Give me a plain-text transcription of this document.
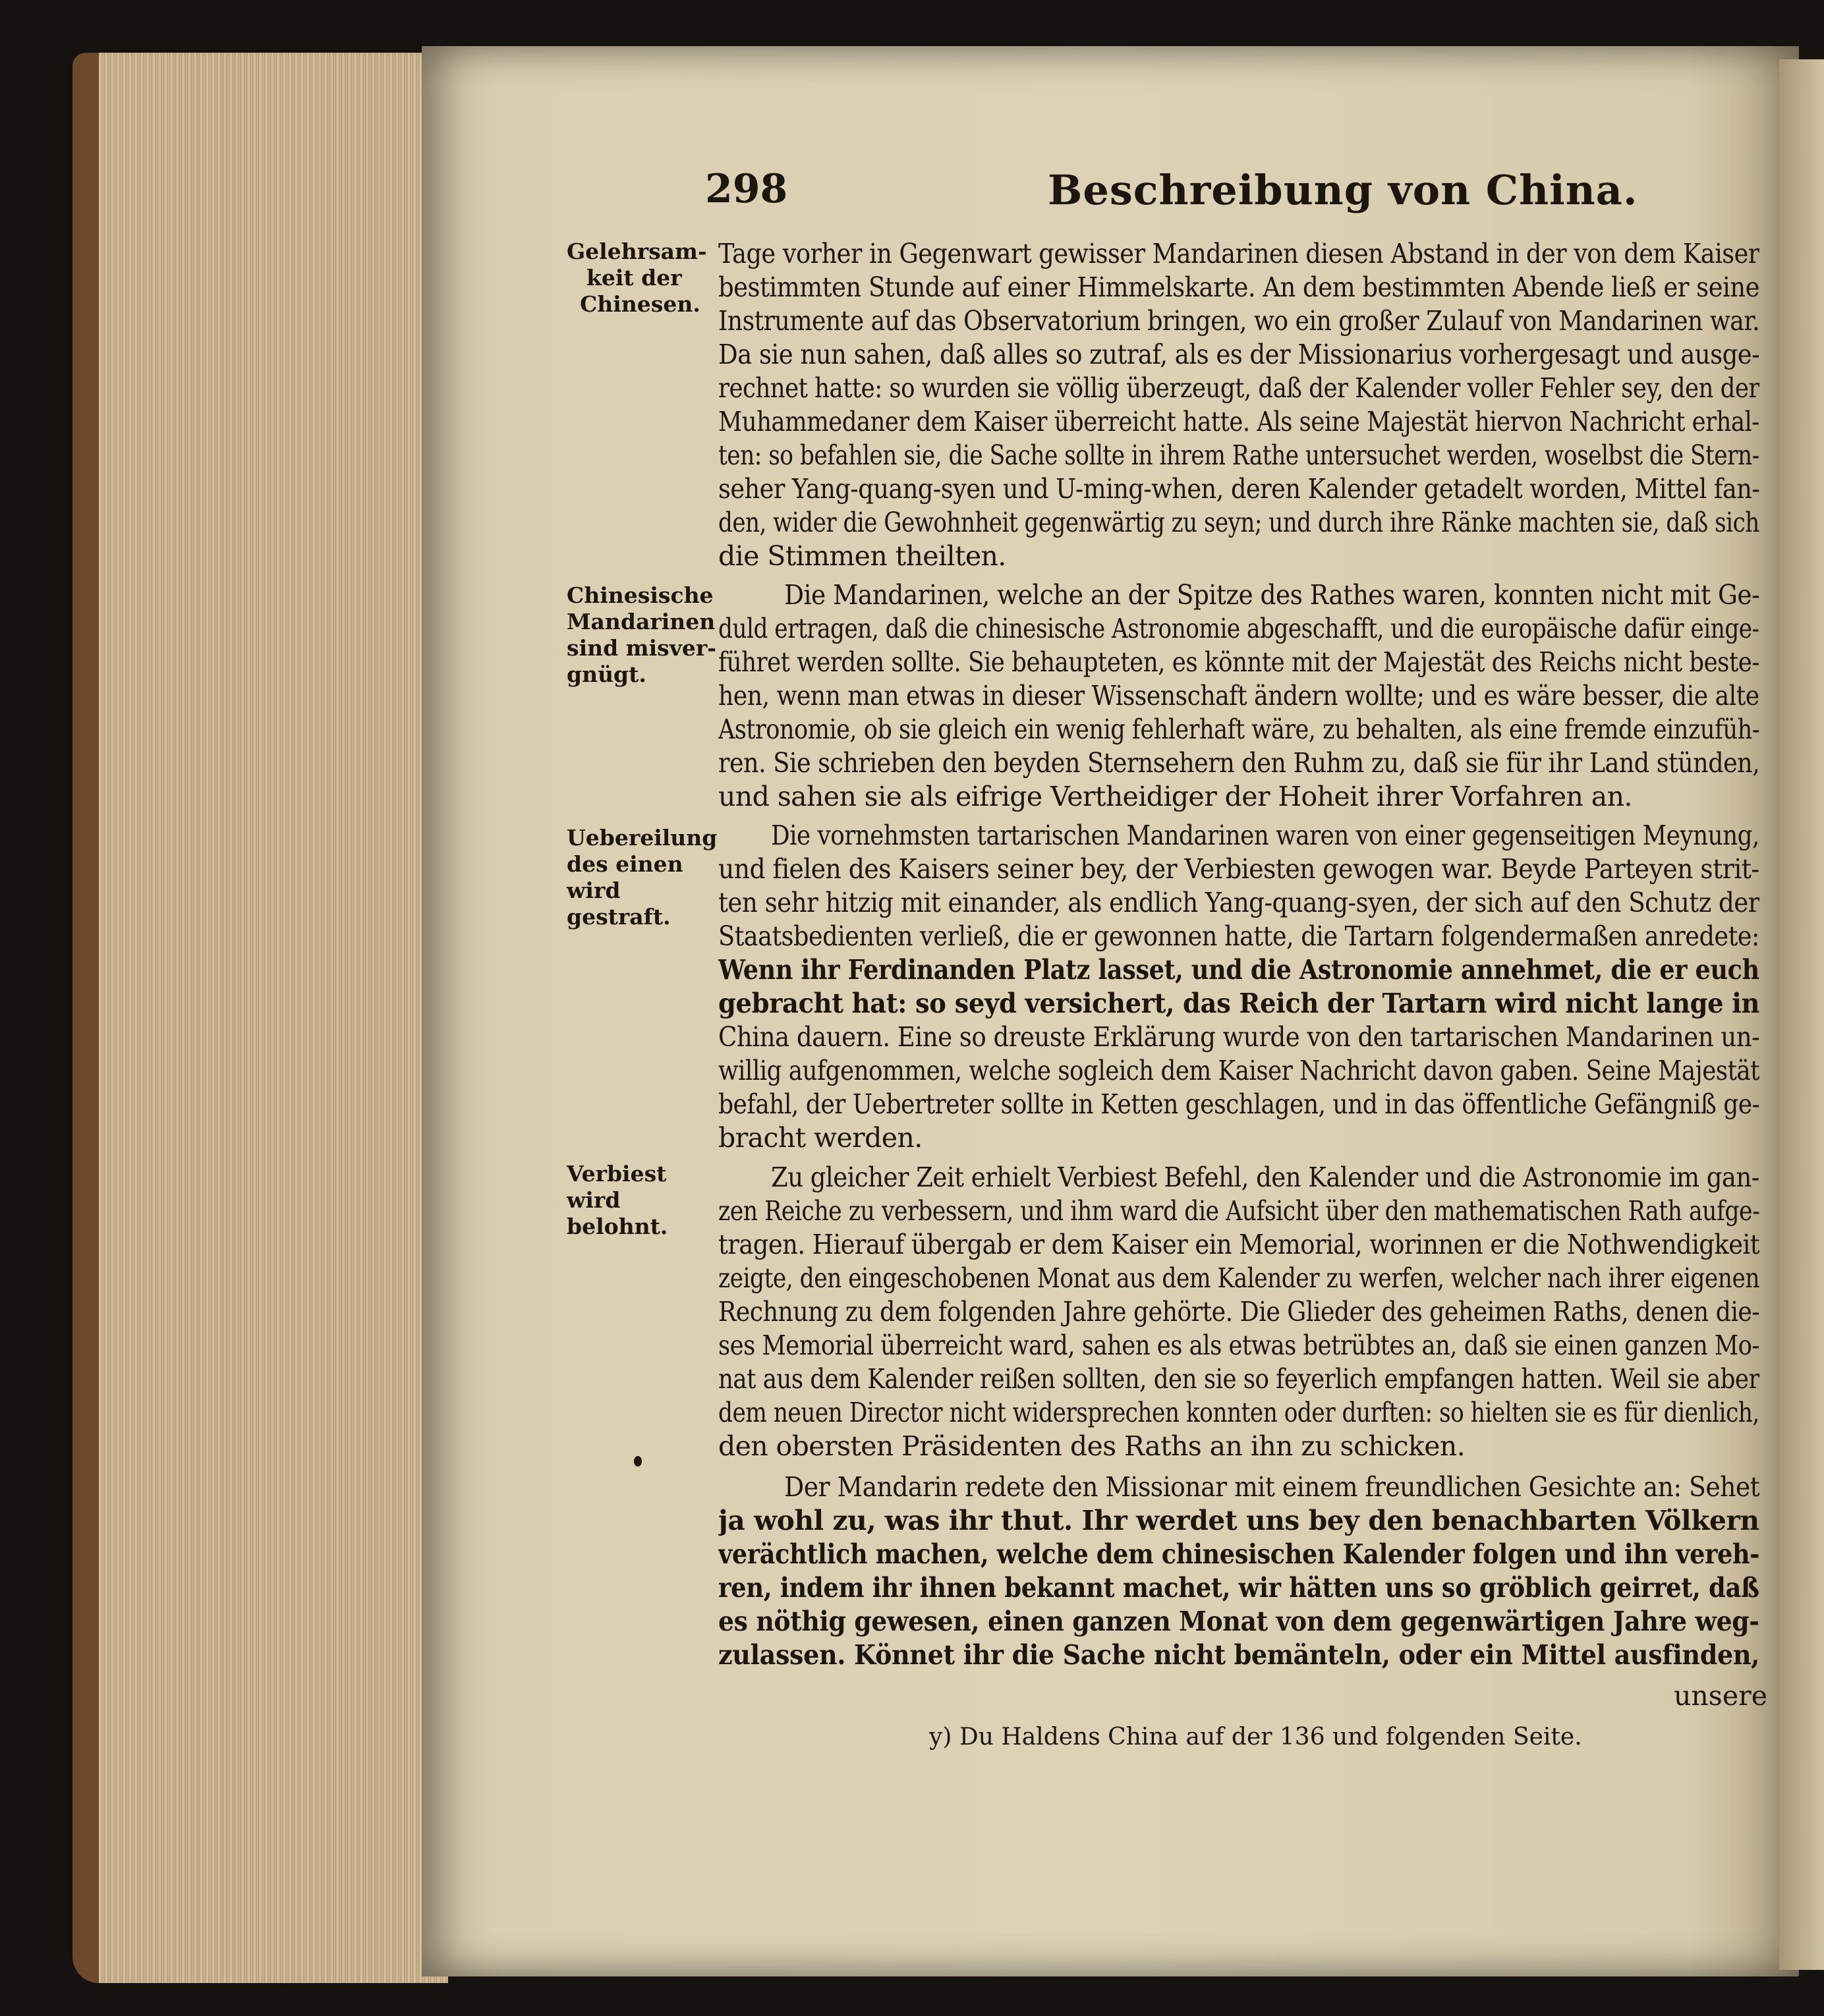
298	Beschreibung von China.
Gelehrsam-
keit der
Chinesen.
Chinesische
Mandarinen
sind misver-
gnügt.
Uebereilung
des einen
wird gestraft.
Verbiest wird
belohnt.
Tage vorher in Gegenwart gewisser Mandarinen diesen Abstand in der von dem Kaiser
bestimmten Stunde auf einer Himmelskarte. An dem bestimmten Abende ließ er seine
Instrumente auf das Observatorium bringen, wo ein großer Zulauf von Mandarinen war.
Da sie nun sahen, daß alles so zutraf, als es der Missionarius vorhergesagt und ausge-
rechnet hatte: so wurden sie völlig überzeugt, daß der Kalender voller Fehler sey, den der
Muhammedaner dem Kaiser überreicht hatte. Als seine Majestät hiervon Nachricht erhal-
ten: so befahlen sie, die Sache sollte in ihrem Rathe untersuchet werden, woselbst die Stern-
seher Yang-quang-syen und U-ming-when, deren Kalender getadelt worden, Mittel fan-
den, wider die Gewohnheit gegenwärtig zu seyn; und durch ihre Ränke machten sie, daß sich
die Stimmen theilten.
Die Mandarinen, welche an der Spitze des Rathes waren, konnten nicht mit Ge-
duld ertragen, daß die chinesische Astronomie abgeschafft, und die europäische dafür einge-
führet werden sollte. Sie behaupteten, es könnte mit der Majestät des Reichs nicht beste-
hen, wenn man etwas in dieser Wissenschaft ändern wollte; und es wäre besser, die alte
Astronomie, ob sie gleich ein wenig fehlerhaft wäre, zu behalten, als eine fremde einzufüh-
ren. Sie schrieben den beyden Sternsehern den Ruhm zu, daß sie für ihr Land stünden,
und sahen sie als eifrige Vertheidiger der Hoheit ihrer Vorfahren an.
Die vornehmsten tartarischen Mandarinen waren von einer gegenseitigen Meynung,
und fielen des Kaisers seiner bey, der Verbiesten gewogen war. Beyde Parteyen strit-
ten sehr hitzig mit einander, als endlich Yang-quang-syen, der sich auf den Schutz der
Staatsbedienten verließ, die er gewonnen hatte, die Tartarn folgendermaßen anredete:
Wenn ihr Ferdinanden Platz lasset, und die Astronomie annehmet, die er euch
gebracht hat: so seyd versichert, das Reich der Tartarn wird nicht lange in
China dauern. Eine so dreuste Erklärung wurde von den tartarischen Mandarinen un-
willig aufgenommen, welche sogleich dem Kaiser Nachricht davon gaben. Seine Majestät
befahl, der Uebertreter sollte in Ketten geschlagen, und in das öffentliche Gefängniß ge-
bracht werden.
Zu gleicher Zeit erhielt Verbiest Befehl, den Kalender und die Astronomie im gan-
zen Reiche zu verbessern, und ihm ward die Aufsicht über den mathematischen Rath aufge-
tragen. Hierauf übergab er dem Kaiser ein Memorial, worinnen er die Nothwendigkeit
zeigte, den eingeschobenen Monat aus dem Kalender zu werfen, welcher nach ihrer eigenen
Rechnung zu dem folgenden Jahre gehörte. Die Glieder des geheimen Raths, denen die-
ses Memorial überreicht ward, sahen es als etwas betrübtes an, daß sie einen ganzen Mo-
nat aus dem Kalender reißen sollten, den sie so feyerlich empfangen hatten. Weil sie aber
dem neuen Director nicht widersprechen konnten oder durften: so hielten sie es für dienlich,
den obersten Präsidenten des Raths an ihn zu schicken.
Der Mandarin redete den Missionar mit einem freundlichen Gesichte an: Sehet
ja wohl zu, was ihr thut. Ihr werdet uns bey den benachbarten Völkern
verächtlich machen, welche dem chinesischen Kalender folgen und ihn vereh-
ren, indem ihr ihnen bekannt machet, wir hätten uns so gröblich geirret, daß
es nöthig gewesen, einen ganzen Monat von dem gegenwärtigen Jahre weg-
zulassen. Könnet ihr die Sache nicht bemänteln, oder ein Mittel ausfinden,
unsere
y) Du Haldens China auf der 136 und folgenden Seite.
